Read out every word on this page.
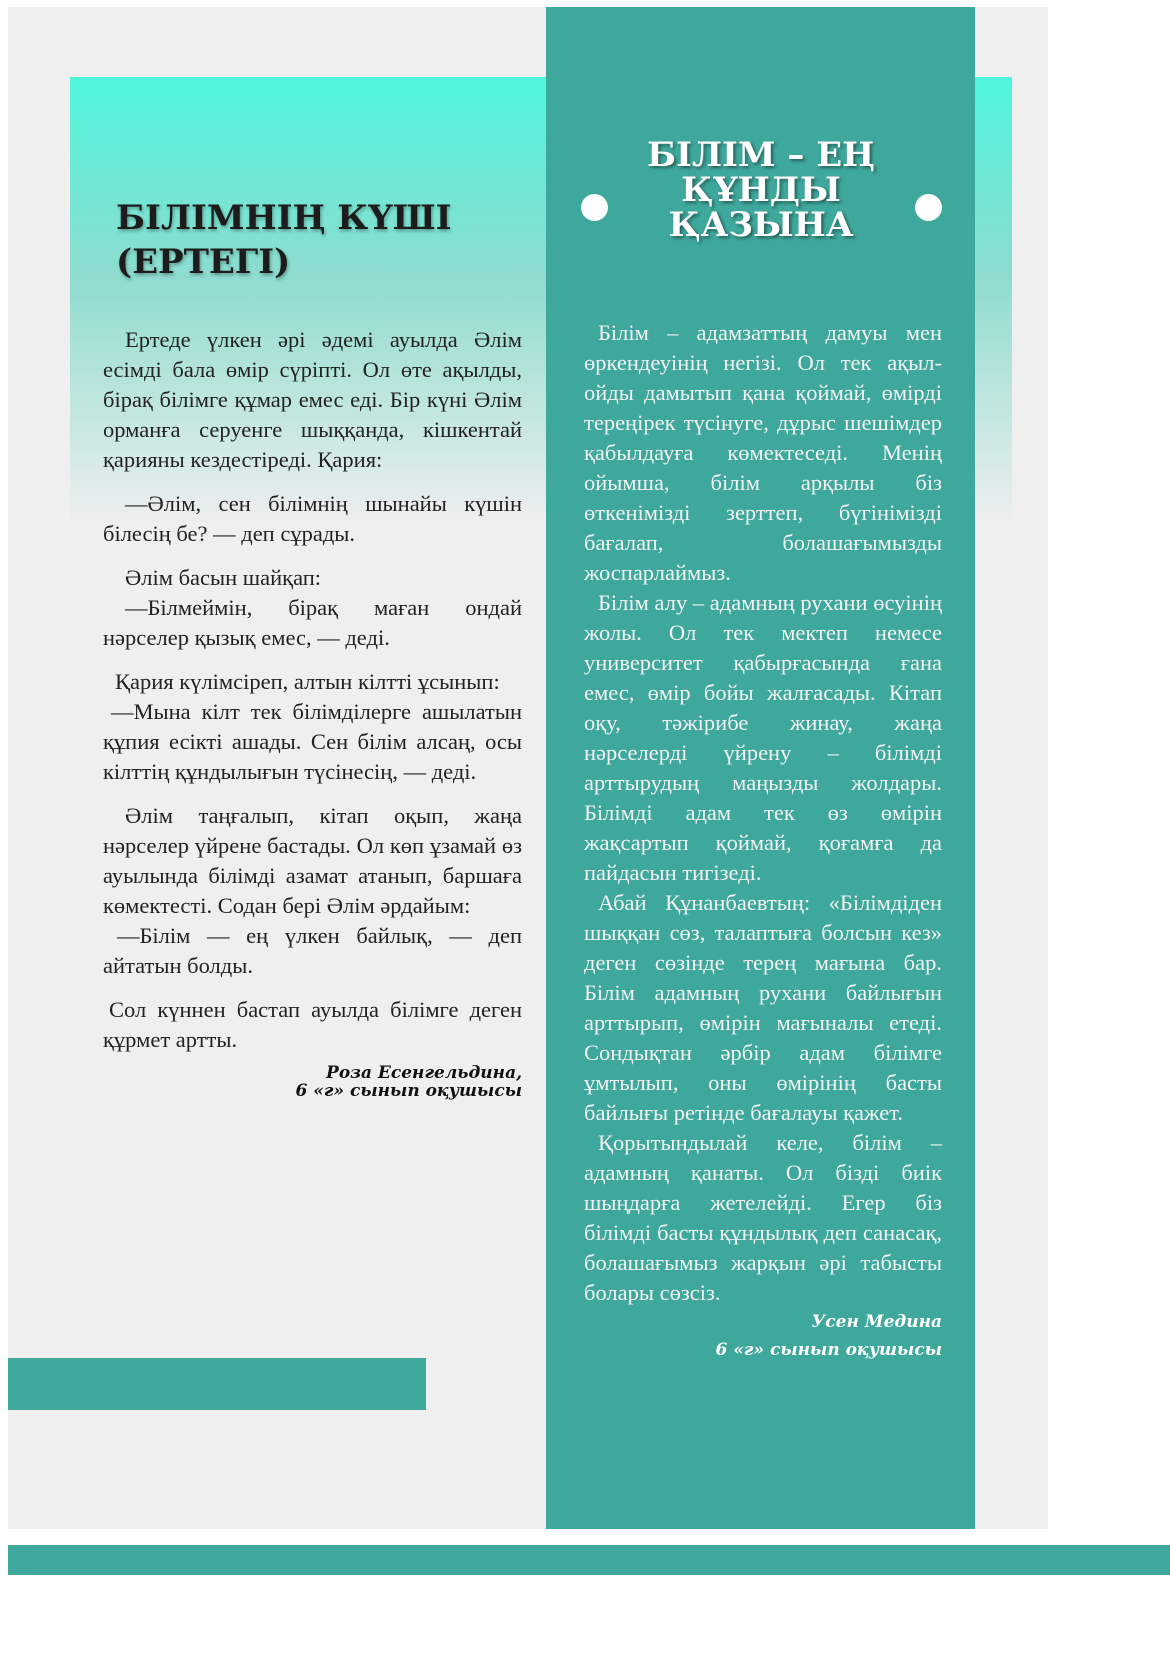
БІЛІМНІҢ КҮШІ (ЕРТЕГІ)

Ертеде үлкен әрі әдемі ауылда Әлім есімді бала өмір сүріпті. Ол өте ақылды, бірақ білімге құмар емес еді. Бір күні Әлім орманға серуенге шыққанда, кішкентай қарияны кездестіреді. Қария:

—Әлім, сен білімнің шынайы күшін білесің бе? — деп сұрады.

Әлім басын шайқап:

—Білмеймін, бірақ маған ондай нәрселер қызық емес, — деді.

Қария күлімсіреп, алтын кілтті ұсынып:

—Мына кілт тек білімділерге ашылатын құпия есікті ашады. Сен білім алсаң, осы кілттің құндылығын түсінесің, — деді.

Әлім таңғалып, кітап оқып, жаңа нәрселер үйрене бастады. Ол көп ұзамай өз ауылында білімді азамат атанып, баршаға көмектесті. Содан бері Әлім әрдайым:

—Білім — ең үлкен байлық, — деп айтатын болды.

Сол күннен бастап ауылда білімге деген құрмет артты.

Роза Есенгельдина,
6 «г» сынып оқушысы
БІЛІМ – ЕҢ ҚҰНДЫ ҚАЗЫНА

Білім – адамзаттың дамуы мен өркендеуінің негізі. Ол тек ақыл-ойды дамытып қана қоймай, өмірді тереңірек түсінуге, дұрыс шешімдер қабылдауға көмектеседі. Менің ойымша, білім арқылы біз өткенімізді зерттеп, бүгінімізді бағалап, болашағымызды жоспарлаймыз.

Білім алу – адамның рухани өсуінің жолы. Ол тек мектеп немесе университет қабырғасында ғана емес, өмір бойы жалғасады. Кітап оқу, тәжірибе жинау, жаңа нәрселерді үйрену – білімді арттырудың маңызды жолдары. Білімді адам тек өз өмірін жақсартып қоймай, қоғамға да пайдасын тигізеді.

Абай Құнанбаевтың: «Білімдіден шыққан сөз, талаптыға болсын кез» деген сөзінде терең мағына бар. Білім адамның рухани байлығын арттырып, өмірін мағыналы етеді. Сондықтан әрбір адам білімге ұмтылып, оны өмірінің басты байлығы ретінде бағалауы қажет.

Қорытындылай келе, білім – адамның қанаты. Ол бізді биік шыңдарға жетелейді. Егер біз білімді басты құндылық деп санасақ, болашағымыз жарқын әрі табысты болары сөзсіз.

Усен Медина
6 «г» сынып оқушысы
